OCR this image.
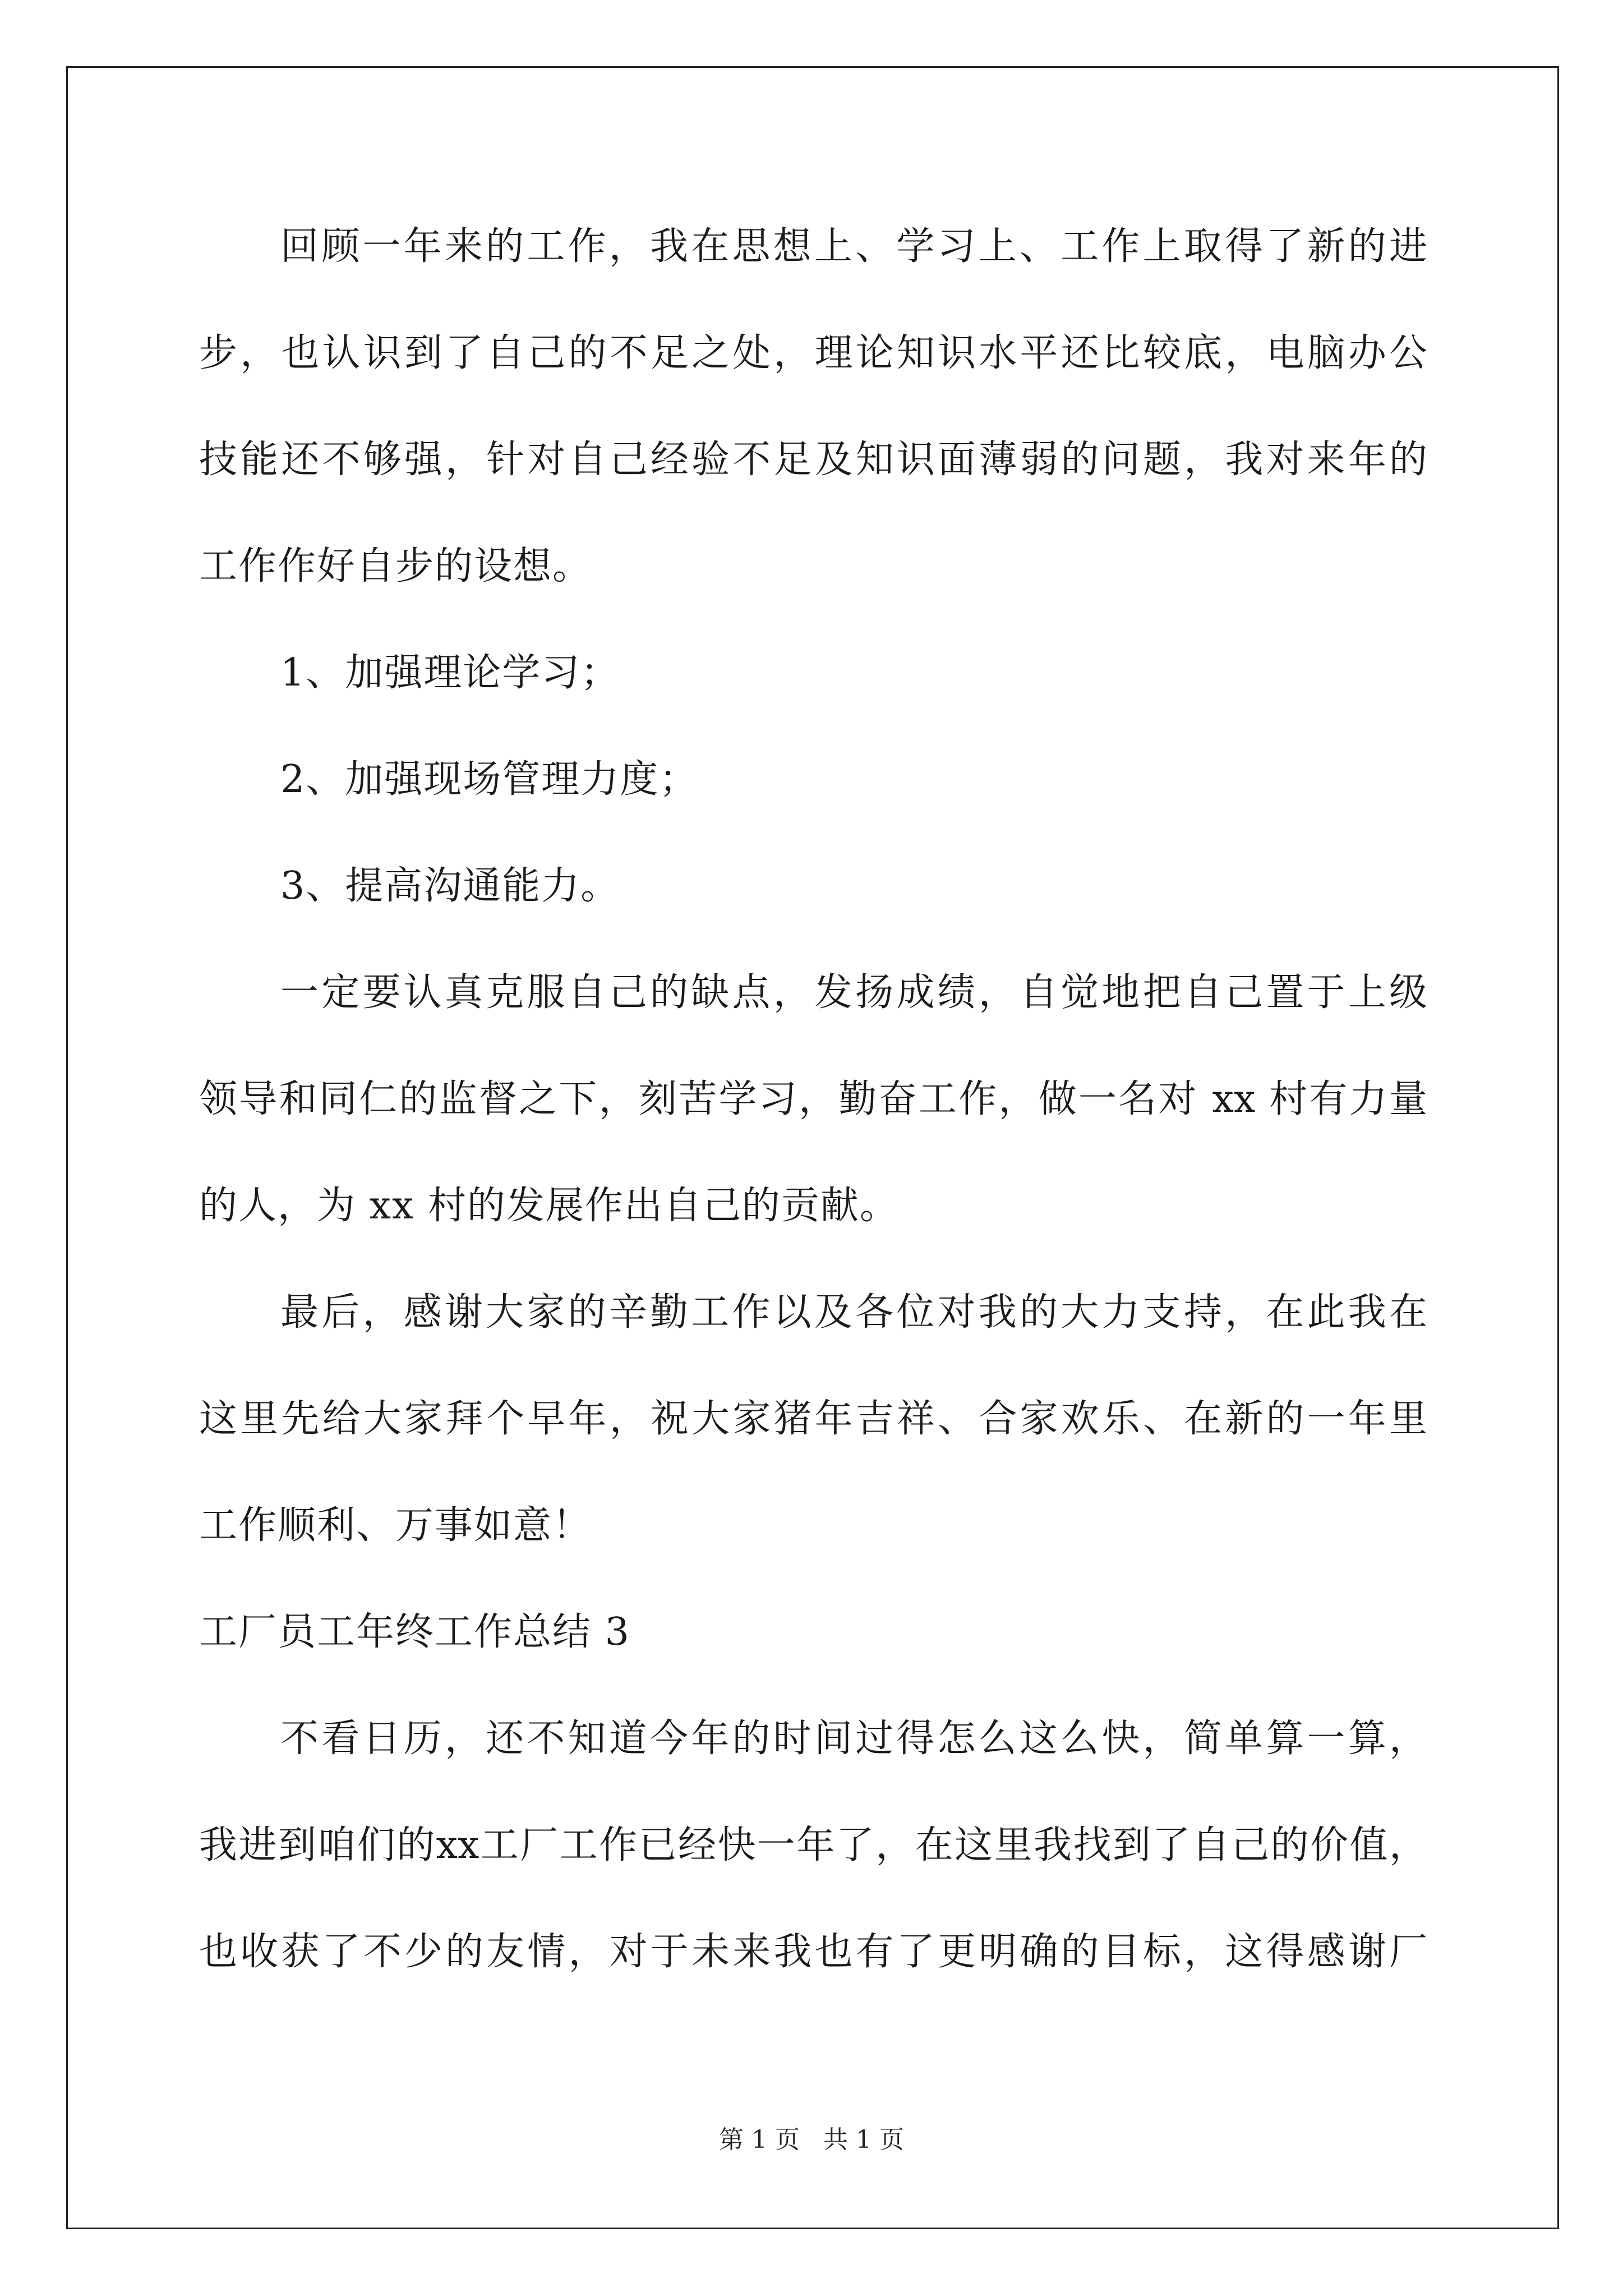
回顾一年来的工作，我在思想上、学习上、工作上取得了新的进
步，也认识到了自己的不足之处，理论知识水平还比较底，电脑办公
技能还不够强，针对自己经验不足及知识面薄弱的问题，我对来年的
工作作好自步的设想。
1、加强理论学习；
2、加强现场管理力度；
3、提高沟通能力。
一定要认真克服自己的缺点，发扬成绩，自觉地把自己置于上级
领导和同仁的监督之下，刻苦学习，勤奋工作，做一名对 xx 村有力量
的人，为 xx 村的发展作出自己的贡献。
最后，感谢大家的辛勤工作以及各位对我的大力支持，在此我在
这里先给大家拜个早年，祝大家猪年吉祥、合家欢乐、在新的一年里
工作顺利、万事如意！
工厂员工年终工作总结 3
不看日历，还不知道今年的时间过得怎么这么快，简单算一算，
我进到咱们的xx工厂工作已经快一年了，在这里我找到了自己的价值，
也收获了不少的友情，对于未来我也有了更明确的目标，这得感谢厂
第 1 页 共 1 页
